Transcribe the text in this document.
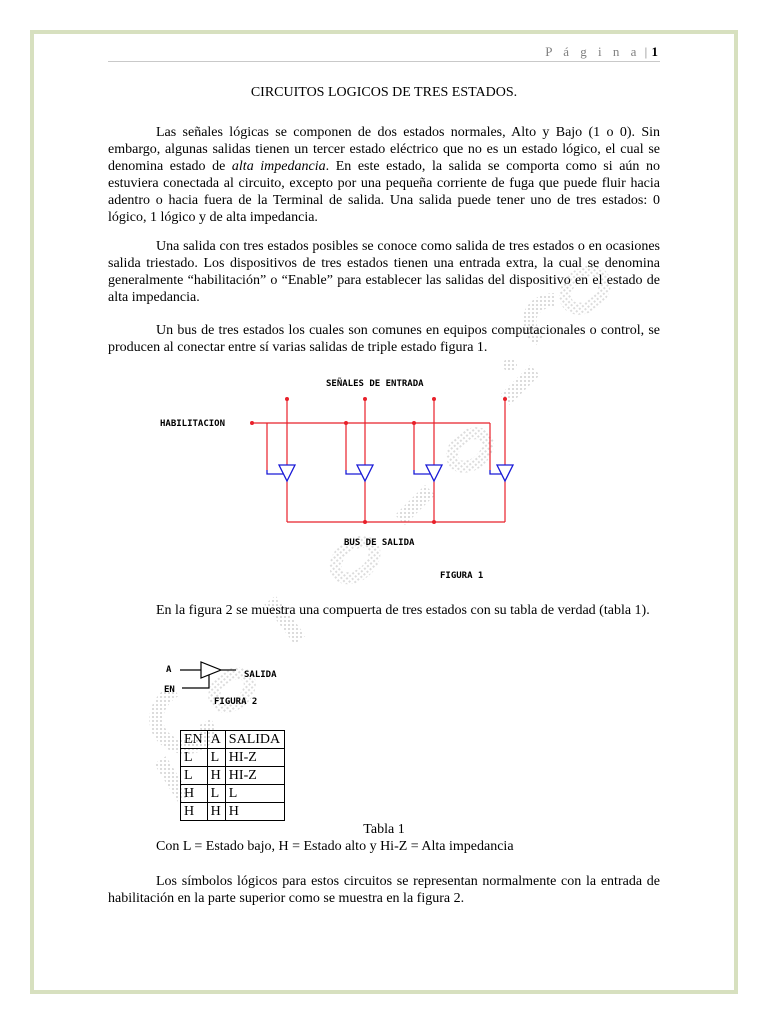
P á g i n a | 1
CIRCUITOS LOGICOS DE TRES ESTADOS.

Las señales lógicas se componen de dos estados normales, Alto y Bajo (1 o 0). Sin embargo, algunas salidas tienen un tercer estado eléctrico que no es un estado lógico, el cual se denomina estado de alta impedancia. En este estado, la salida se comporta como si aún no estuviera conectada al circuito, excepto por una pequeña corriente de fuga que puede fluir hacia adentro o hacia fuera de la Terminal de salida. Una salida puede tener uno de tres estados: 0 lógico, 1 lógico y de alta impedancia.

Una salida con tres estados posibles se conoce como salida de tres estados o en ocasiones salida triestado. Los dispositivos de tres estados tienen una entrada extra, la cual se denomina generalmente “habilitación” o “Enable” para establecer las salidas del dispositivo en el estado de alta impedancia.

Un bus de tres estados los cuales son comunes en equipos computacionales o control, se producen al conectar entre sí varias salidas de triple estado figura 1.

SEÑALES DE ENTRADA
HABILITACION
BUS DE SALIDA
FIGURA 1
A
EN
SALIDA
FIGURA 2

En la figura 2 se muestra una compuerta de tres estados con su tabla de verdad (tabla 1).

EN	A	SALIDA
L	L	HI-Z
L	H	HI-Z
H	L	L
H	H	H
Tabla 1
Con L = Estado bajo, H = Estado alto y Hi-Z = Alta impedancia

Los símbolos lógicos para estos circuitos se representan normalmente con la entrada de habilitación en la parte superior como se muestra en la figura 2.
